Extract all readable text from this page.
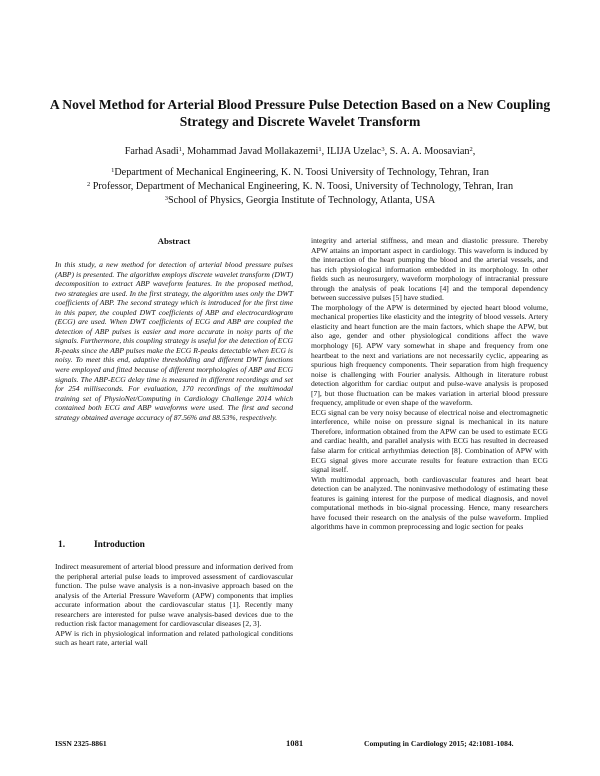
A Novel Method for Arterial Blood Pressure Pulse Detection Based on a New Coupling Strategy and Discrete Wavelet Transform
Farhad Asadi$^1$, Mohammad Javad Mollakazemi$^1$, ILIJA Uzelac$^3$, S. A. A. Moosavian$^2$,
$^1$Department of Mechanical Engineering, K. N. Toosi University of Technology, Tehran, Iran
$^2$ Professor, Department of Mechanical Engineering, K. N. Toosi, University of Technology, Tehran, Iran
$^3$School of Physics, Georgia Institute of Technology, Atlanta, USA
Abstract

In this study, a new method for detection of arterial blood pressure pulses (ABP) is presented. The algorithm employs discrete wavelet transform (DWT) decomposition to extract ABP waveform features. In the proposed method, two strategies are used. In the first strategy, the algorithm uses only the DWT coefficients of ABP. The second strategy which is introduced for the first time in this paper, the coupled DWT coefficients of ABP and electrocardiogram (ECG) are used. When DWT coefficients of ECG and ABP are coupled the detection of ABP pulses is easier and more accurate in noisy parts of the signals. Furthermore, this coupling strategy is useful for the detection of ECG R-peaks since the ABP pulses make the ECG R-peaks detectable when ECG is noisy. To meet this end, adaptive thresholding and different DWT functions were employed and fitted because of different morphologies of ABP and ECG signals. The ABP-ECG delay time is measured in different recordings and set for 254 milliseconds. For evaluation, 170 recordings of the multimodal training set of PhysioNet/Computing in Cardiology Challenge 2014 which contained both ECG and ABP waveforms were used. The first and second strategy obtained average accuracy of 87.56% and 88.53%, respectively.

1.	Introduction

Indirect measurement of arterial blood pressure and information derived from the peripheral arterial pulse leads to improved assessment of cardiovascular function. The pulse wave analysis is a non-invasive approach based on the analysis of the Arterial Pressure Waveform (APW) components that implies accurate information about the cardiovascular status [1]. Recently many researchers are interested for pulse wave analysis-based devices due to the reduction risk factor management for cardiovascular diseases [2, 3].

APW is rich in physiological information and related pathological conditions such as heart rate, arterial wall

integrity and arterial stiffness, and mean and diastolic pressure. Thereby APW attains an important aspect in cardiology. This waveform is induced by the interaction of the heart pumping the blood and the arterial vessels, and has rich physiological information embedded in its morphology. In other fields such as neurosurgery, waveform morphology of intracranial pressure through the analysis of peak locations [4] and the temporal dependency between successive pulses [5] have studied.

The morphology of the APW is determined by ejected heart blood volume, mechanical properties like elasticity and the integrity of blood vessels. Artery elasticity and heart function are the main factors, which shape the APW, but also age, gender and other physiological conditions affect the wave morphology [6]. APW vary somewhat in shape and frequency from one heartbeat to the next and variations are not necessarily cyclic, appearing as spurious high frequency components. Their separation from high frequency noise is challenging with Fourier analysis. Although in literature robust detection algorithm for cardiac output and pulse-wave analysis is proposed [7], but those fluctuation can be makes variation in arterial blood pressure frequency, amplitude or even shape of the waveform.

ECG signal can be very noisy because of electrical noise and electromagnetic interference, while noise on pressure signal is mechanical in its nature Therefore, information obtained from the APW can be used to estimate ECG and cardiac health, and parallel analysis with ECG has resulted in decreased false alarm for critical arrhythmias detection [8]. Combination of APW with ECG signal gives more accurate results for feature extraction than ECG signal itself.

With multimodal approach, both cardiovascular features and heart beat detection can be analyzed. The noninvasive methodology of estimating these features is gaining interest for the purpose of medical diagnosis, and novel computational methods in bio-signal processing. Hence, many researchers have focused their research on the analysis of the pulse waveform. Implied algorithms have in common preprocessing and logic section for peaks

ISSN 2325-8861	1081	Computing in Cardiology 2015; 42:1081-1084.
